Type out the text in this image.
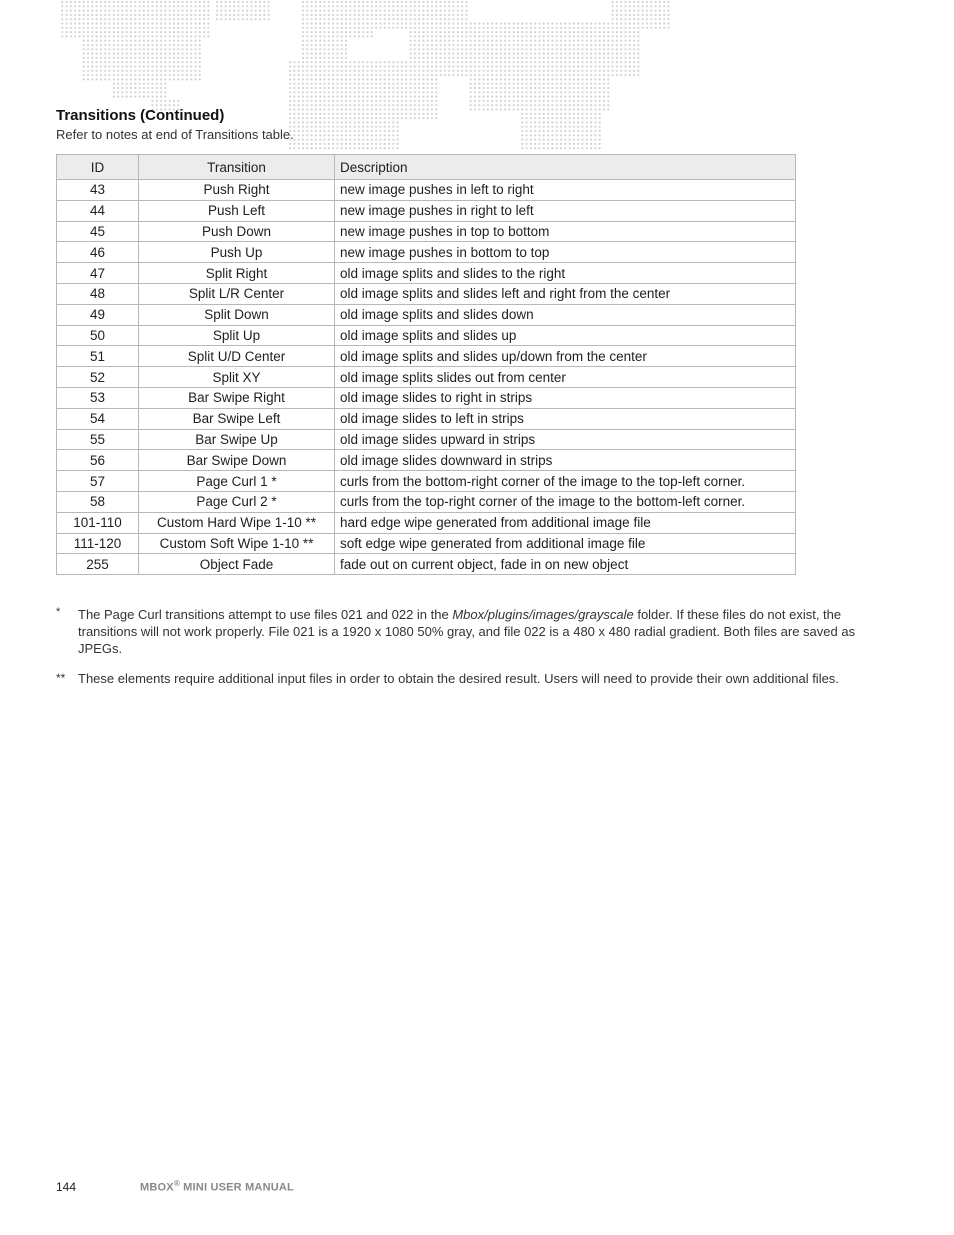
Transitions (Continued)
Refer to notes at end of Transitions table.
ID	Transition	Description
43	Push Right	new image pushes in left to right
44	Push Left	new image pushes in right to left
45	Push Down	new image pushes in top to bottom
46	Push Up	new image pushes in bottom to top
47	Split Right	old image splits and slides to the right
48	Split L/R Center	old image splits and slides left and right from the center
49	Split Down	old image splits and slides down
50	Split Up	old image splits and slides up
51	Split U/D Center	old image splits and slides up/down from the center
52	Split XY	old image splits slides out from center
53	Bar Swipe Right	old image slides to right in strips
54	Bar Swipe Left	old image slides to left in strips
55	Bar Swipe Up	old image slides upward in strips
56	Bar Swipe Down	old image slides downward in strips
57	Page Curl 1 *	curls from the bottom-right corner of the image to the top-left corner.
58	Page Curl 2 *	curls from the top-right corner of the image to the bottom-left corner.
101-110	Custom Hard Wipe 1-10 **	hard edge wipe generated from additional image file
111-120	Custom Soft Wipe 1-10 **	soft edge wipe generated from additional image file
255	Object Fade	fade out on current object, fade in on new object
* The Page Curl transitions attempt to use files 021 and 022 in the Mbox/plugins/images/grayscale folder. If these files do not exist, the transitions will not work properly. File 021 is a 1920 x 1080 50% gray, and file 022 is a 480 x 480 radial gradient. Both files are saved as JPEGs.
** These elements require additional input files in order to obtain the desired result. Users will need to provide their own additional files.
144	MBOX® MINI USER MANUAL
